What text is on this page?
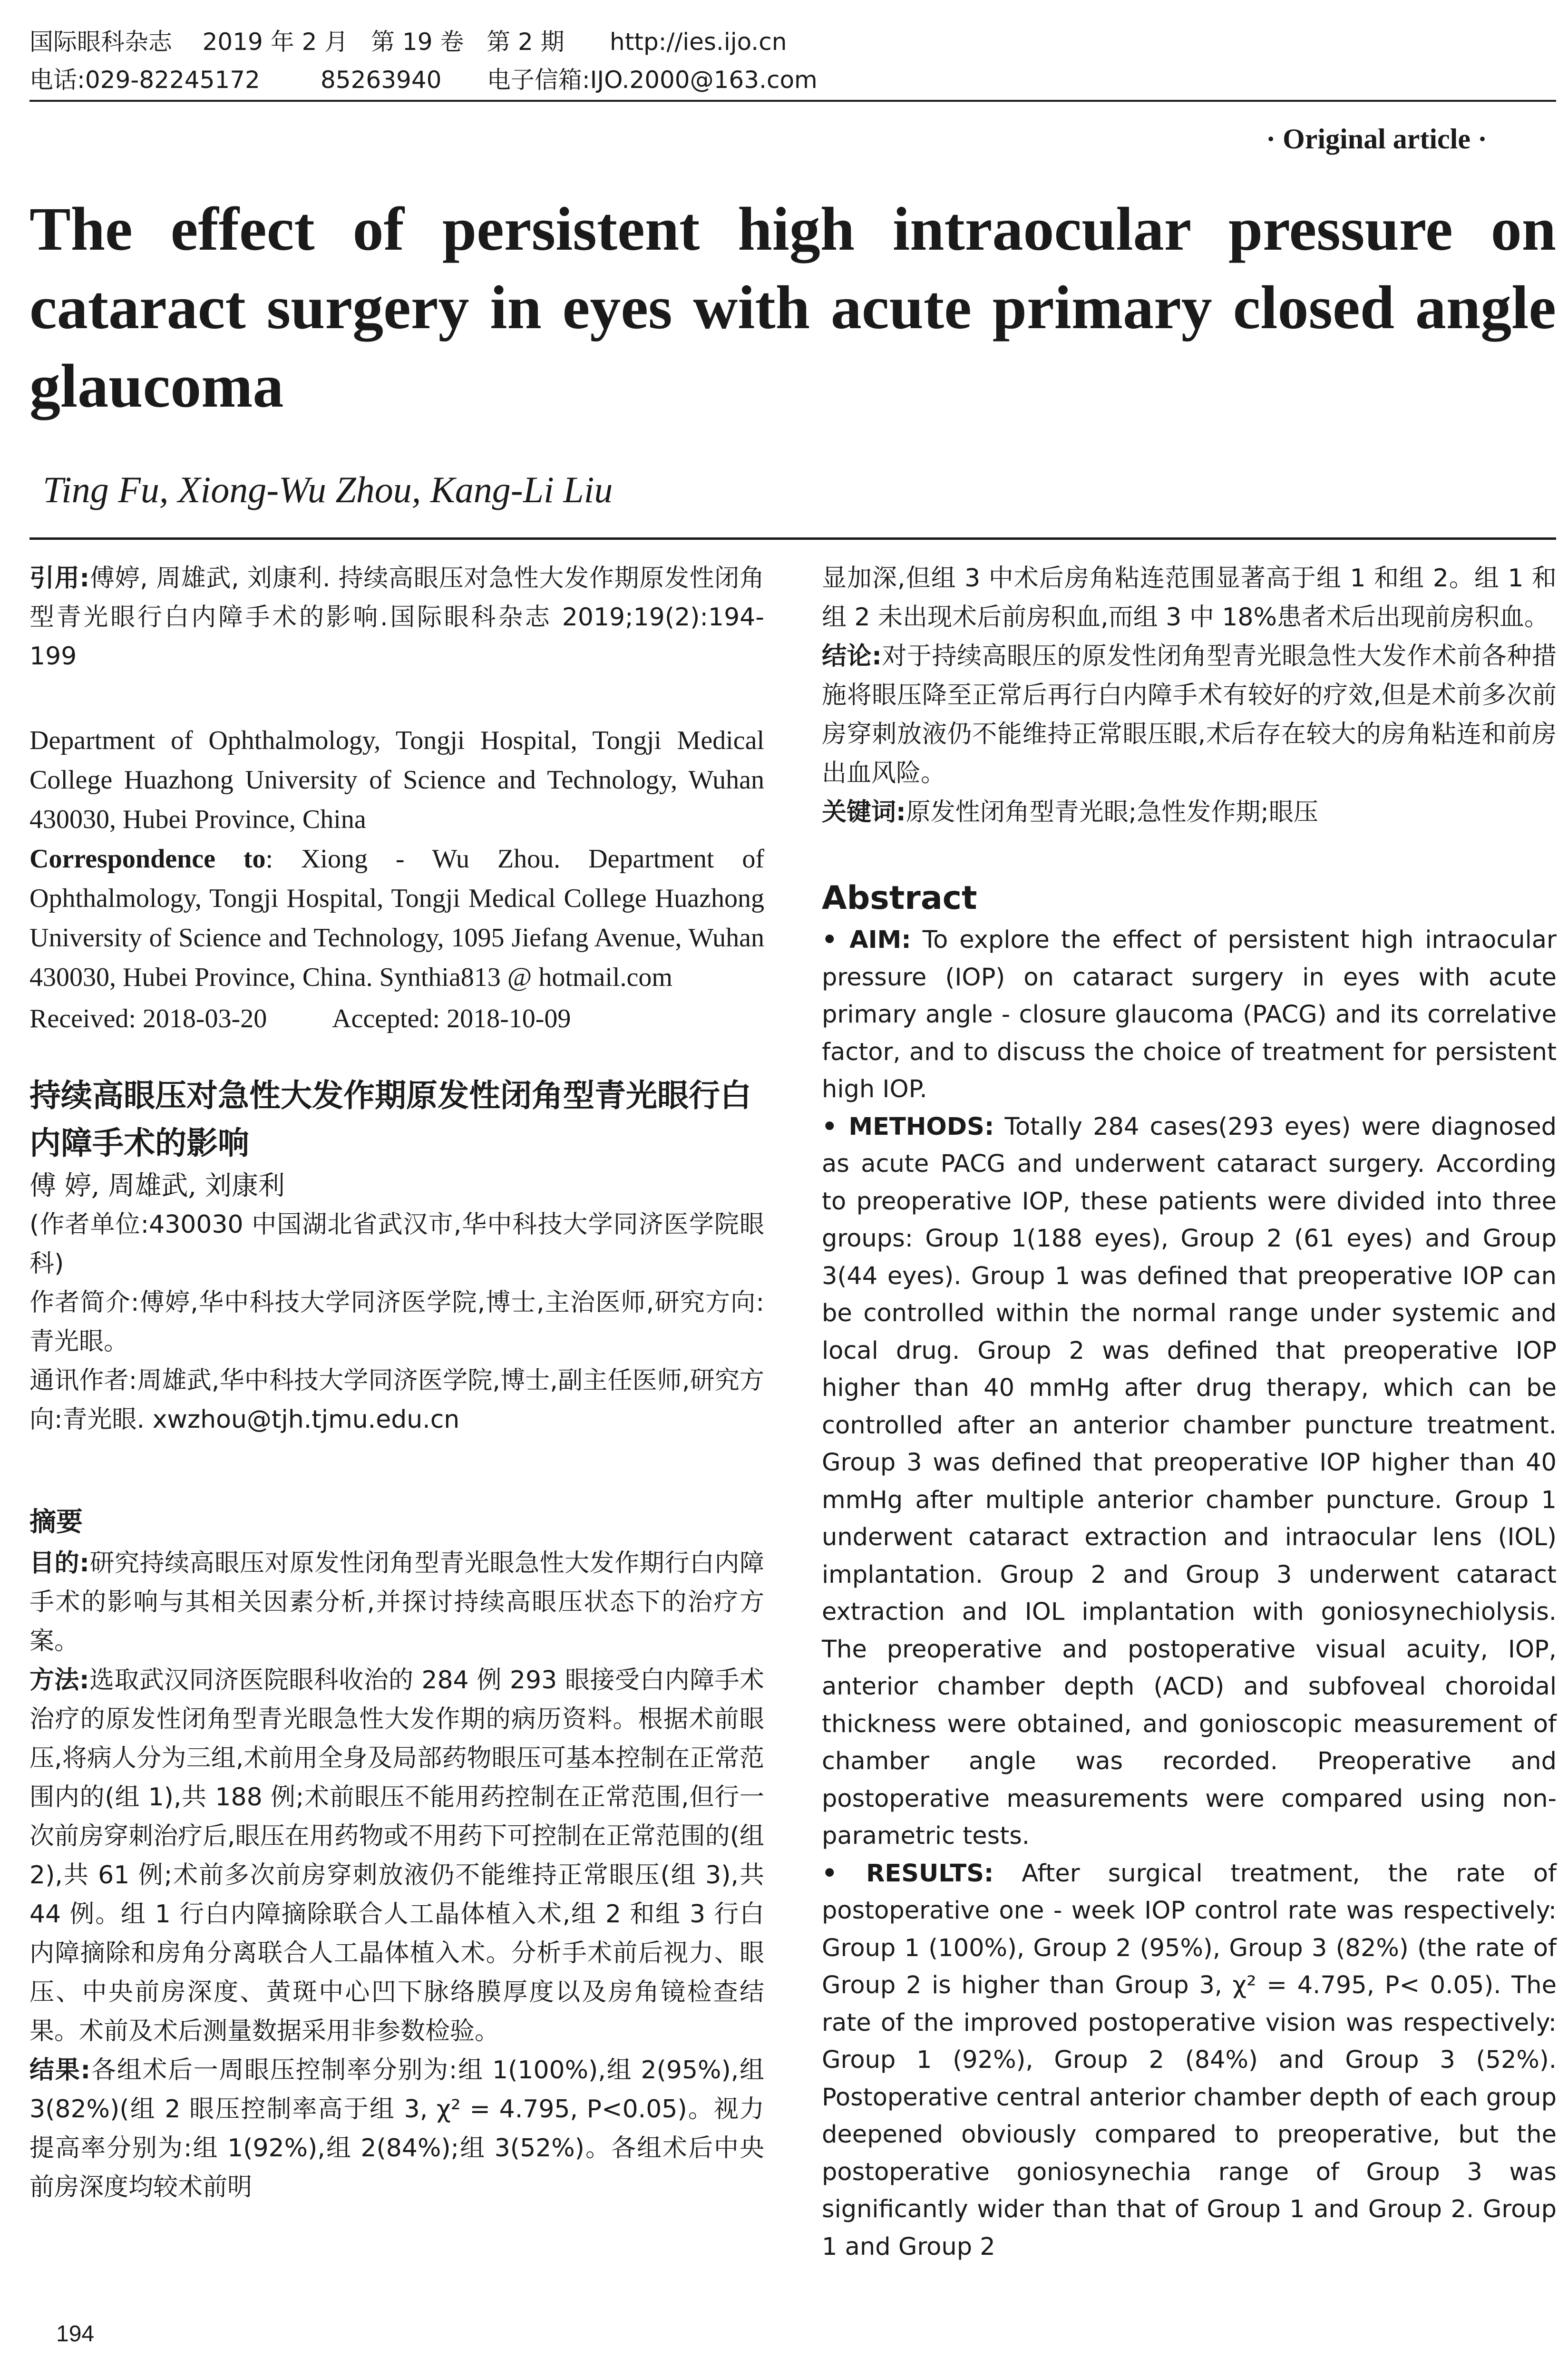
国际眼科杂志    2019 年 2 月   第 19 卷   第 2 期      http://ies.ijo.cn
电话:029-82245172        85263940      电子信箱:IJO.2000@163.com
· Original article ·
The effect of persistent high intraocular pressure on cataract surgery in eyes with acute primary closed angle glaucoma
Ting Fu, Xiong-Wu Zhou, Kang-Li Liu

引用:傅婷, 周雄武, 刘康利. 持续高眼压对急性大发作期原发性闭角型青光眼行白内障手术的影响.国际眼科杂志 2019;19(2):194-199

Department of Ophthalmology, Tongji Hospital, Tongji Medical College Huazhong University of Science and Technology, Wuhan 430030, Hubei Province, China

Correspondence to: Xiong - Wu Zhou. Department of Ophthalmology, Tongji Hospital, Tongji Medical College Huazhong University of Science and Technology, 1095 Jiefang Avenue, Wuhan 430030, Hubei Province, China. Synthia813 @ hotmail.com

Received: 2018-03-20 Accepted: 2018-10-09

持续高眼压对急性大发作期原发性闭角型青光眼行白内障手术的影响

傅 婷, 周雄武, 刘康利

(作者单位:430030 中国湖北省武汉市,华中科技大学同济医学院眼科)

作者简介:傅婷,华中科技大学同济医学院,博士,主治医师,研究方向:青光眼。

通讯作者:周雄武,华中科技大学同济医学院,博士,副主任医师,研究方向:青光眼. xwzhou@tjh.tjmu.edu.cn

摘要

目的:研究持续高眼压对原发性闭角型青光眼急性大发作期行白内障手术的影响与其相关因素分析,并探讨持续高眼压状态下的治疗方案。

方法:选取武汉同济医院眼科收治的 284 例 293 眼接受白内障手术治疗的原发性闭角型青光眼急性大发作期的病历资料。根据术前眼压,将病人分为三组,术前用全身及局部药物眼压可基本控制在正常范围内的(组 1),共 188 例;术前眼压不能用药控制在正常范围,但行一次前房穿刺治疗后,眼压在用药物或不用药下可控制在正常范围的(组 2),共 61 例;术前多次前房穿刺放液仍不能维持正常眼压(组 3),共 44 例。组 1 行白内障摘除联合人工晶体植入术,组 2 和组 3 行白内障摘除和房角分离联合人工晶体植入术。分析手术前后视力、眼压、中央前房深度、黄斑中心凹下脉络膜厚度以及房角镜检查结果。术前及术后测量数据采用非参数检验。

结果:各组术后一周眼压控制率分别为:组 1(100%),组 2(95%),组 3(82%)(组 2 眼压控制率高于组 3, χ² = 4.795, P<0.05)。视力提高率分别为:组 1(92%),组 2(84%);组 3(52%)。各组术后中央前房深度均较术前明

显加深,但组 3 中术后房角粘连范围显著高于组 1 和组 2。组 1 和组 2 未出现术后前房积血,而组 3 中 18%患者术后出现前房积血。

结论:对于持续高眼压的原发性闭角型青光眼急性大发作术前各种措施将眼压降至正常后再行白内障手术有较好的疗效,但是术前多次前房穿刺放液仍不能维持正常眼压眼,术后存在较大的房角粘连和前房出血风险。

关键词:原发性闭角型青光眼;急性发作期;眼压

Abstract

• AIM: To explore the effect of persistent high intraocular pressure (IOP) on cataract surgery in eyes with acute primary angle - closure glaucoma (PACG) and its correlative factor, and to discuss the choice of treatment for persistent high IOP.

• METHODS: Totally 284 cases(293 eyes) were diagnosed as acute PACG and underwent cataract surgery. According to preoperative IOP, these patients were divided into three groups: Group 1(188 eyes), Group 2 (61 eyes) and Group 3(44 eyes). Group 1 was defined that preoperative IOP can be controlled within the normal range under systemic and local drug. Group 2 was defined that preoperative IOP higher than 40 mmHg after drug therapy, which can be controlled after an anterior chamber puncture treatment. Group 3 was defined that preoperative IOP higher than 40 mmHg after multiple anterior chamber puncture. Group 1 underwent cataract extraction and intraocular lens (IOL) implantation. Group 2 and Group 3 underwent cataract extraction and IOL implantation with goniosynechiolysis. The preoperative and postoperative visual acuity, IOP, anterior chamber depth (ACD) and subfoveal choroidal thickness were obtained, and gonioscopic measurement of chamber angle was recorded. Preoperative and postoperative measurements were compared using non-parametric tests.

• RESULTS: After surgical treatment, the rate of postoperative one - week IOP control rate was respectively: Group 1 (100%), Group 2 (95%), Group 3 (82%) (the rate of Group 2 is higher than Group 3, χ² = 4.795, P< 0.05). The rate of the improved postoperative vision was respectively: Group 1 (92%), Group 2 (84%) and Group 3 (52%). Postoperative central anterior chamber depth of each group deepened obviously compared to preoperative, but the postoperative goniosynechia range of Group 3 was significantly wider than that of Group 1 and Group 2. Group 1 and Group 2

194
